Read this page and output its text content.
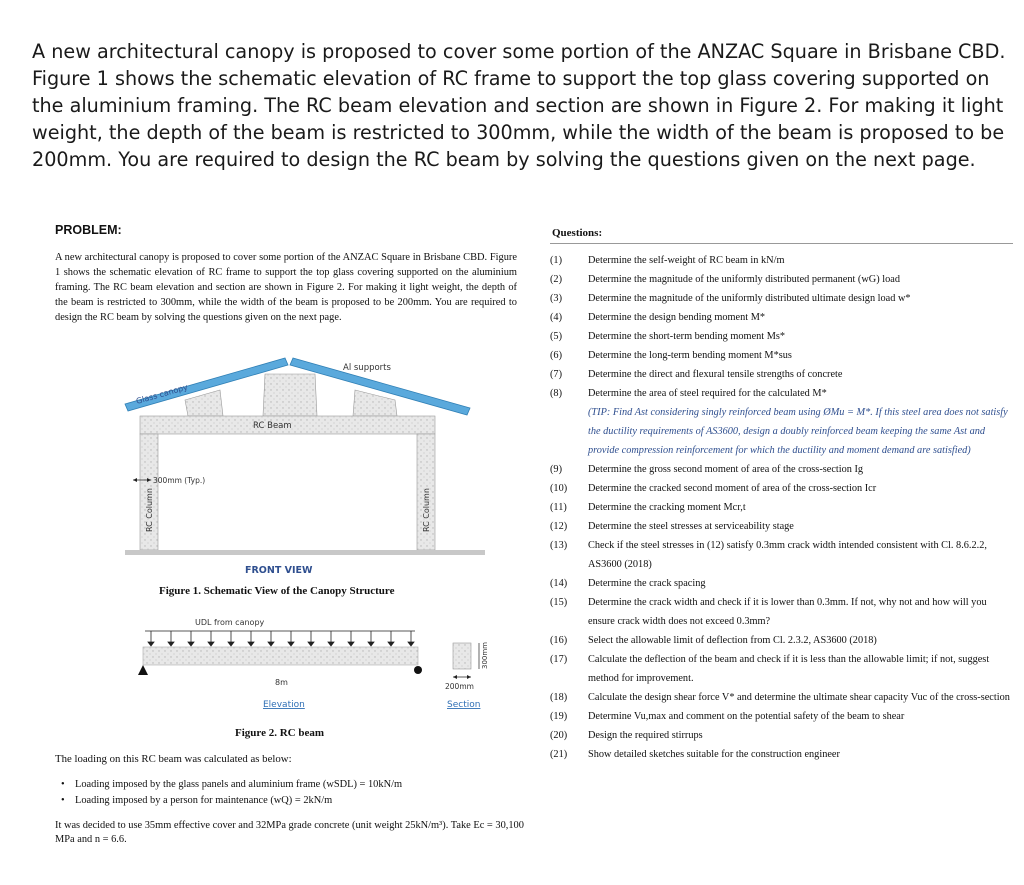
A new architectural canopy is proposed to cover some portion of the ANZAC Square in Brisbane CBD. Figure 1 shows the schematic elevation of RC frame to support the top glass covering supported on the aluminium framing. The RC beam elevation and section are shown in Figure 2. For making it light weight, the depth of the beam is restricted to 300mm, while the width of the beam is proposed to be 200mm. You are required to design the RC beam by solving the questions given on the next page.

PROBLEM:

A new architectural canopy is proposed to cover some portion of the ANZAC Square in Brisbane CBD. Figure 1 shows the schematic elevation of RC frame to support the top glass covering supported on the aluminium framing. The RC beam elevation and section are shown in Figure 2. For making it light weight, the depth of the beam is restricted to 300mm, while the width of the beam is proposed to be 200mm. You are required to design the RC beam by solving the questions given on the next page.

Glass canopy
Al supports
RC Beam
300mm (Typ.)
RC Column	RC Column
FRONT VIEW

Figure 1. Schematic View of the Canopy Structure

UDL from canopy
8m
Elevation
300mm
200mm
Section

Figure 2. RC beam

The loading on this RC beam was calculated as below:

• Loading imposed by the glass panels and aluminium frame (wSDL) = 10kN/m
• Loading imposed by a person for maintenance (wQ) = 2kN/m

It was decided to use 35mm effective cover and 32MPa grade concrete (unit weight 25kN/m³). Take Ec = 30,100 MPa and n = 6.6.

Questions:

(1)	Determine the self-weight of RC beam in kN/m
(2)	Determine the magnitude of the uniformly distributed permanent (wG) load
(3)	Determine the magnitude of the uniformly distributed ultimate design load w*
(4)	Determine the design bending moment M*
(5)	Determine the short-term bending moment Ms*
(6)	Determine the long-term bending moment M*sus
(7)	Determine the direct and flexural tensile strengths of concrete
(8)	Determine the area of steel required for the calculated M*
(TIP: Find Ast considering singly reinforced beam using ØMu = M*. If this steel area does not satisfy the ductility requirements of AS3600, design a doubly reinforced beam keeping the same Ast and provide compression reinforcement for which the ductility and moment demand are satisfied)
(9)	Determine the gross second moment of area of the cross-section Ig
(10) Determine the cracked second moment of area of the cross-section Icr
(11) Determine the cracking moment Mcr,t
(12) Determine the steel stresses at serviceability stage
(13) Check if the steel stresses in (12) satisfy 0.3mm crack width intended consistent with Cl. 8.6.2.2, AS3600 (2018)
(14) Determine the crack spacing
(15) Determine the crack width and check if it is lower than 0.3mm. If not, why not and how will you ensure crack width does not exceed 0.3mm?
(16) Select the allowable limit of deflection from Cl. 2.3.2, AS3600 (2018)
(17) Calculate the deflection of the beam and check if it is less than the allowable limit; if not, suggest method for improvement.
(18) Calculate the design shear force V* and determine the ultimate shear capacity Vuc of the cross-section
(19) Determine Vu,max and comment on the potential safety of the beam to shear
(20) Design the required stirrups
(21) Show detailed sketches suitable for the construction engineer
